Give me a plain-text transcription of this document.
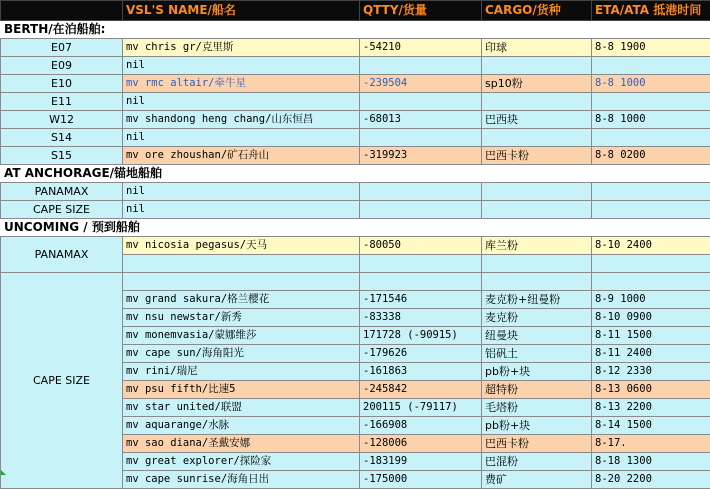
	VSL'S NAME/船名	QTTY/货量	CARGO/货种	ETA/ATA 抵港时间
BERTH/在泊船舶:				
E07	mv chris gr/克里斯	-54210	印球	8-8 1900
E09	nil			
E10	mv rmc altair/牵牛星	-239504	sp10粉	8-8 1000
E11	nil			
W12	mv shandong heng chang/山东恒昌	-68013	巴西块	8-8 1000
S14	nil			
S15	mv ore zhoushan/矿石舟山	-319923	巴西卡粉	8-8 0200
AT ANCHORAGE/锚地船舶				
PANAMAX	nil			
CAPE SIZE	nil			
UNCOMING / 预到船舶				
PANAMAX	mv nicosia pegasus/天马	-80050	库兰粉	8-10 2400

CAPE SIZE				
	mv grand sakura/格兰樱花	-171546	麦克粉+纽曼粉	8-9 1000
	mv nsu newstar/新秀	-83338	麦克粉	8-10 0900
	mv monemvasia/蒙娜维莎	171728 (-90915)	纽曼块	8-11 1500
	mv cape sun/海角阳光	-179626	铝矾土	8-11 2400
	mv rini/瑞尼	-161863	pb粉+块	8-12 2330
	mv psu fifth/比速5	-245842	超特粉	8-13 0600
	mv star united/联盟	200115 (-79117)	毛塔粉	8-13 2200
	mv aquarange/水脉	-166908	pb粉+块	8-14 1500
	mv sao diana/圣戴安娜	-128006	巴西卡粉	8-17.
	mv great explorer/探险家	-183199	巴混粉	8-18 1300
	mv cape sunrise/海角日出	-175000	费矿	8-20 2200
